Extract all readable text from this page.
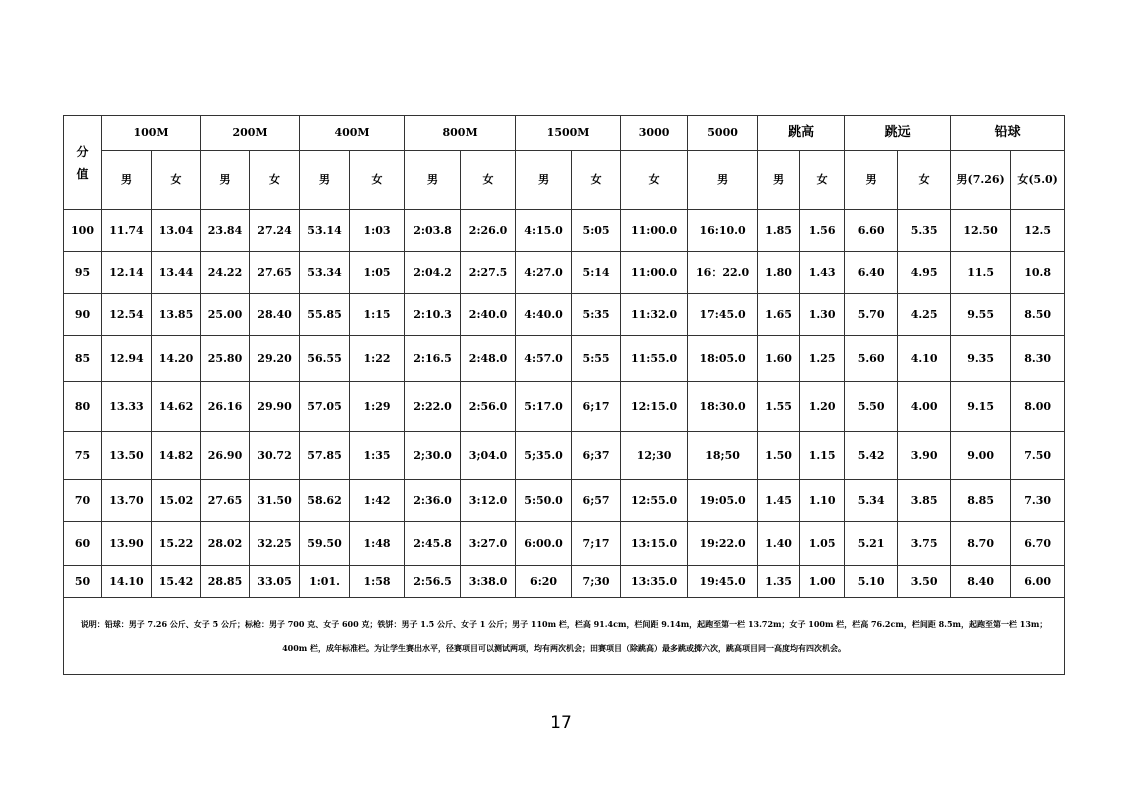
分值	100M		200M		400M		800M		1500M		3000	5000	跳高		跳远		铅球	
	男	女	男	女	男	女	男	女	男	女	女	男	男	女	男	女	男(7.26)	女(5.0)
100	11.74	13.04	23.84	27.24	53.14	1:03	2:03.8	2:26.0	4:15.0	5:05	11:00.0	16:10.0	1.85	1.56	6.60	5.35	12.50	12.5
95	12.14	13.44	24.22	27.65	53.34	1:05	2:04.2	2:27.5	4:27.0	5:14	11:00.0	16：22.0	1.80	1.43	6.40	4.95	11.5	10.8
90	12.54	13.85	25.00	28.40	55.85	1:15	2:10.3	2:40.0	4:40.0	5:35	11:32.0	17:45.0	1.65	1.30	5.70	4.25	9.55	8.50
85	12.94	14.20	25.80	29.20	56.55	1:22	2:16.5	2:48.0	4:57.0	5:55	11:55.0	18:05.0	1.60	1.25	5.60	4.10	9.35	8.30
80	13.33	14.62	26.16	29.90	57.05	1:29	2:22.0	2:56.0	5:17.0	6;17	12:15.0	18:30.0	1.55	1.20	5.50	4.00	9.15	8.00
75	13.50	14.82	26.90	30.72	57.85	1:35	2;30.0	3;04.0	5;35.0	6;37	12;30	18;50	1.50	1.15	5.42	3.90	9.00	7.50
70	13.70	15.02	27.65	31.50	58.62	1:42	2:36.0	3:12.0	5:50.0	6;57	12:55.0	19:05.0	1.45	1.10	5.34	3.85	8.85	7.30
60	13.90	15.22	28.02	32.25	59.50	1:48	2:45.8	3:27.0	6:00.0	7;17	13:15.0	19:22.0	1.40	1.05	5.21	3.75	8.70	6.70
50	14.10	15.42	28.85	33.05	1:01.	1:58	2:56.5	3:38.0	6:20	7;30	13:35.0	19:45.0	1.35	1.00	5.10	3.50	8.40	6.00

说明：铅球：男子 7.26 公斤、女子 5 公斤；标枪：男子 700 克、女子 600 克；铁饼：男子 1.5 公斤、女子 1 公斤；男子 110m 栏，栏高 91.4cm，栏间距 9.14m，起跑至第一栏 13.72m；女子 100m 栏，栏高 76.2cm，栏间距 8.5m，起跑至第一栏 13m；
400m 栏，成年标准栏。为让学生赛出水平，径赛项目可以测试两项，均有两次机会；田赛项目（除跳高）最多跳或掷六次，跳高项目同一高度均有四次机会。																		
17
